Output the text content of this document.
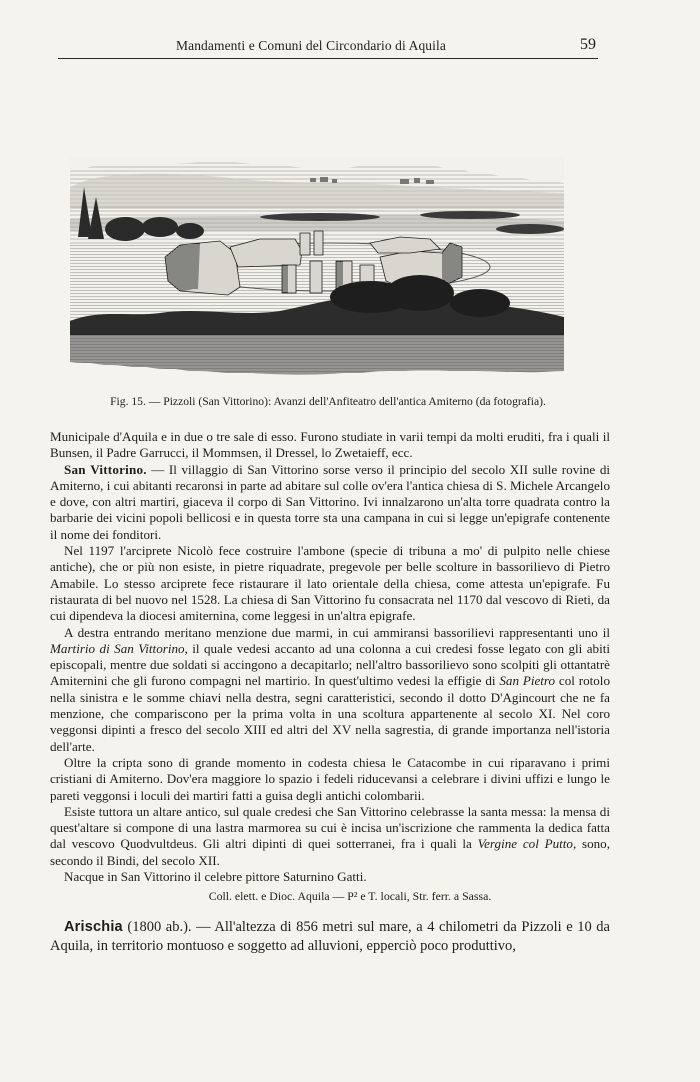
Mandamenti e Comuni del Circondario di Aquila	59
Fig. 15. — Pizzoli (San Vittorino): Avanzi dell'Anfiteatro dell'antica Amiterno (da fotografia).

Municipale d'Aquila e in due o tre sale di esso. Furono studiate in varii tempi da molti eruditi, fra i quali il Bunsen, il Padre Garrucci, il Mommsen, il Dressel, lo Zwetaieff, ecc.

San Vittorino. — Il villaggio di San Vittorino sorse verso il principio del secolo XII sulle rovine di Amiterno, i cui abitanti recaronsi in parte ad abitare sul colle ov'era l'antica chiesa di S. Michele Arcangelo e dove, con altri martiri, giaceva il corpo di San Vittorino. Ivi innalzarono un'alta torre quadrata contro la barbarie dei vicini popoli bellicosi e in questa torre sta una campana in cui si legge un'epigrafe contenente il nome dei fonditori.

Nel 1197 l'arciprete Nicolò fece costruire l'ambone (specie di tribuna a mo' di pulpito nelle chiese antiche), che or più non esiste, in pietre riquadrate, pregevole per belle scolture in bassorilievo di Pietro Amabile. Lo stesso arciprete fece ristaurare il lato orientale della chiesa, come attesta un'epigrafe. Fu ristaurata di bel nuovo nel 1528. La chiesa di San Vittorino fu consacrata nel 1170 dal vescovo di Rieti, da cui dipendeva la diocesi amiternina, come leggesi in un'altra epigrafe.

A destra entrando meritano menzione due marmi, in cui ammiransi bassorilievi rappresentanti uno il Martirio di San Vittorino, il quale vedesi accanto ad una colonna a cui credesi fosse legato con gli abiti episcopali, mentre due soldati si accingono a decapitarlo; nell'altro bassorilievo sono scolpiti gli ottantatrè Amiternini che gli furono compagni nel martirio. In quest'ultimo vedesi la effigie di San Pietro col rotolo nella sinistra e le somme chiavi nella destra, segni caratteristici, secondo il dotto D'Agincourt che ne fa menzione, che compariscono per la prima volta in una scoltura appartenente al secolo XI. Nel coro veggonsi dipinti a fresco del secolo XIII ed altri del XV nella sagrestia, di grande importanza nell'istoria dell'arte.

Oltre la cripta sono di grande momento in codesta chiesa le Catacombe in cui riparavano i primi cristiani di Amiterno. Dov'era maggiore lo spazio i fedeli riducevansi a celebrare i divini uffizi e lungo le pareti veggonsi i loculi dei martiri fatti a guisa degli antichi colombarii.

Esiste tuttora un altare antico, sul quale credesi che San Vittorino celebrasse la santa messa: la mensa di quest'altare si compone di una lastra marmorea su cui è incisa un'iscrizione che rammenta la dedica fatta dal vescovo Quodvultdeus. Gli altri dipinti di quei sotterranei, fra i quali la Vergine col Putto, sono, secondo il Bindi, del secolo XII.

Nacque in San Vittorino il celebre pittore Saturnino Gatti.

Coll. elett. e Dioc. Aquila — P² e T. locali, Str. ferr. a Sassa.

Arischia (1800 ab.). — All'altezza di 856 metri sul mare, a 4 chilometri da Pizzoli e 10 da Aquila, in territorio montuoso e soggetto ad alluvioni, epperciò poco produttivo,
